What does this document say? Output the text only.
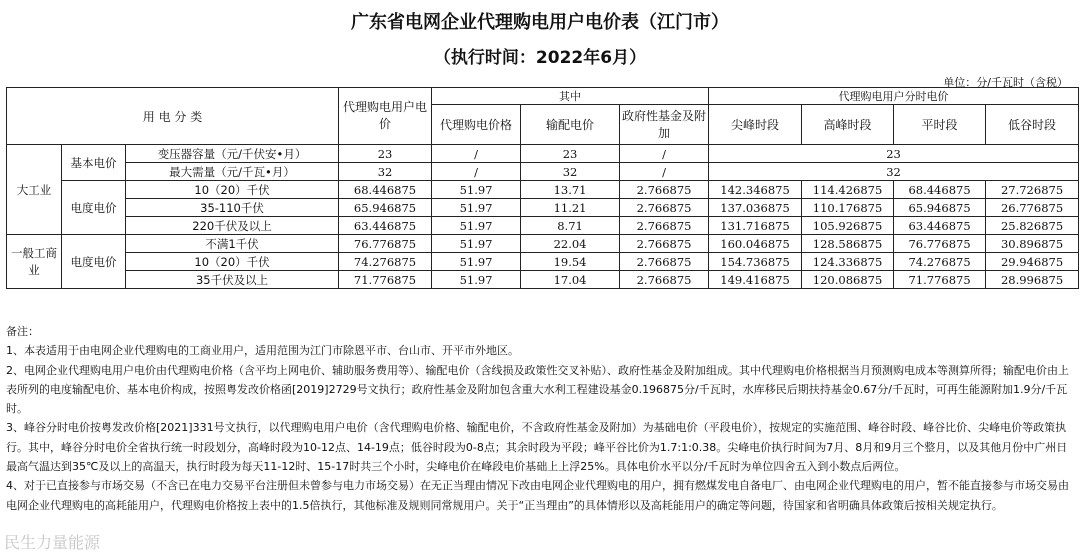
广东省电网企业代理购电用户电价表（江门市）
（执行时间：2022年6月）
单位：分/千瓦时（含税）
用 电 分 类			代理购电用户电价	其中			代理购电用户分时电价			
				代理购电价格	输配电价	政府性基金及附加	尖峰时段	高峰时段	平时段	低谷时段
大工业	基本电价	变压器容量（元/千伏安•月）	23	/	23	/	23			
		最大需量（元/千瓦•月）	32	/	32	/	32			
	电度电价	10（20）千伏	68.446875	51.97	13.71	2.766875	142.346875	114.426875	68.446875	27.726875
		35-110千伏	65.946875	51.97	11.21	2.766875	137.036875	110.176875	65.946875	26.776875
		220千伏及以上	63.446875	51.97	8.71	2.766875	131.716875	105.926875	63.446875	25.826875
一般工商业	电度电价	不满1千伏	76.776875	51.97	22.04	2.766875	160.046875	128.586875	76.776875	30.896875
		10（20）千伏	74.276875	51.97	19.54	2.766875	154.736875	124.336875	74.276875	29.946875
		35千伏及以上	71.776875	51.97	17.04	2.766875	149.416875	120.086875	71.776875	28.996875

备注：

1、本表适用于由电网企业代理购电的工商业用户，适用范围为江门市除恩平市、台山市、开平市外地区。

2、电网企业代理购电用户电价由代理购电价格（含平均上网电价、辅助服务费用等）、输配电价（含线损及政策性交叉补贴）、政府性基金及附加组成。其中代理购电价格根据当月预测购电成本等测算所得；输配电价由上表所列的电度输配电价、基本电价构成，按照粤发改价格函[2019]2729号文执行；政府性基金及附加包含重大水利工程建设基金0.196875分/千瓦时，水库移民后期扶持基金0.67分/千瓦时，可再生能源附加1.9分/千瓦时。

3、峰谷分时电价按粤发改价格[2021]331号文执行，以代理购电用户电价（含代理购电价格、输配电价，不含政府性基金及附加）为基础电价（平段电价），按规定的实施范围、峰谷时段、峰谷比价、尖峰电价等政策执行。其中，峰谷分时电价全省执行统一时段划分，高峰时段为10-12点、14-19点；低谷时段为0-8点；其余时段为平段；峰平谷比价为1.7:1:0.38。尖峰电价执行时间为7月、8月和9月三个整月，以及其他月份中广州日最高气温达到35℃及以上的高温天，执行时段为每天11-12时、15-17时共三个小时，尖峰电价在峰段电价基础上上浮25%。具体电价水平以分/千瓦时为单位四舍五入到小数点后两位。

4、对于已直接参与市场交易（不含已在电力交易平台注册但未曾参与电力市场交易）在无正当理由情况下改由电网企业代理购电的用户，拥有燃煤发电自备电厂、由电网企业代理购电的用户，暂不能直接参与市场交易由电网企业代理购电的高耗能用户，代理购电价格按上表中的1.5倍执行，其他标准及规则同常规用户。关于“正当理由”的具体情形以及高耗能用户的确定等问题，待国家和省明确具体政策后按相关规定执行。

民生力量能源
